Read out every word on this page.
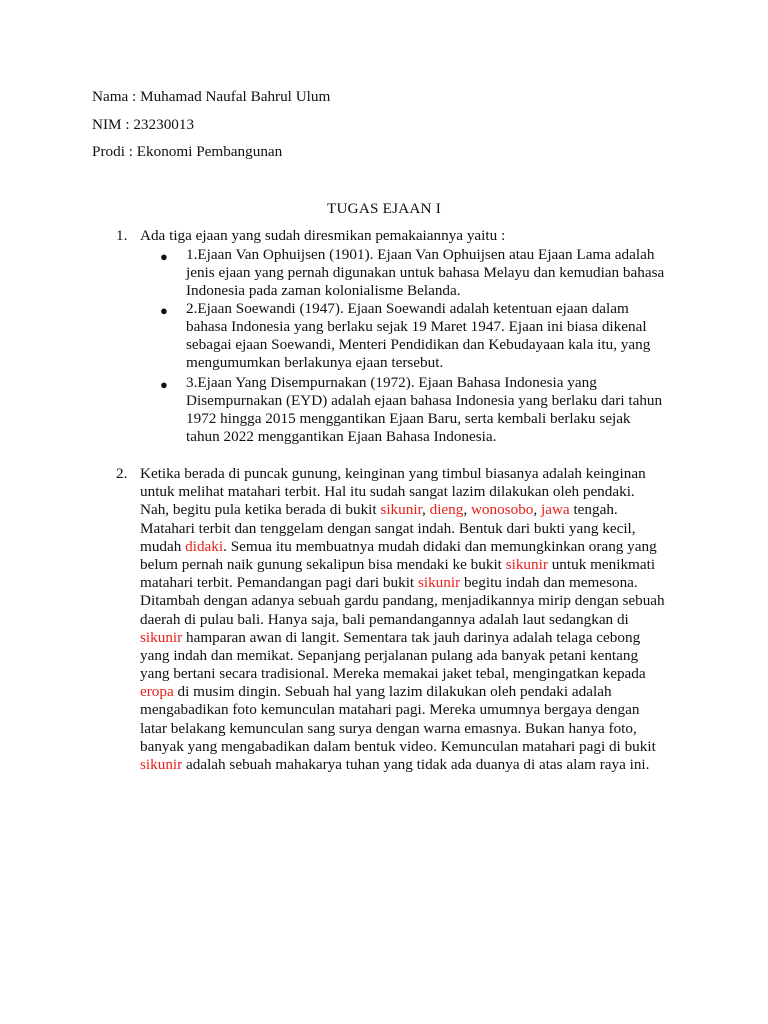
Nama : Muhamad Naufal Bahrul Ulum
NIM : 23230013
Prodi : Ekonomi Pembangunan
TUGAS EJAAN I
1. Ada tiga ejaan yang sudah diresmikan pemakaiannya yaitu :
● 1.Ejaan Van Ophuijsen (1901). Ejaan Van Ophuijsen atau Ejaan Lama adalah
jenis ejaan yang pernah digunakan untuk bahasa Melayu dan kemudian bahasa
Indonesia pada zaman kolonialisme Belanda.
● 2.Ejaan Soewandi (1947). Ejaan Soewandi adalah ketentuan ejaan dalam
bahasa Indonesia yang berlaku sejak 19 Maret 1947. Ejaan ini biasa dikenal
sebagai ejaan Soewandi, Menteri Pendidikan dan Kebudayaan kala itu, yang
mengumumkan berlakunya ejaan tersebut.
● 3.Ejaan Yang Disempurnakan (1972). Ejaan Bahasa Indonesia yang
Disempurnakan (EYD) adalah ejaan bahasa Indonesia yang berlaku dari tahun
1972 hingga 2015 menggantikan Ejaan Baru, serta kembali berlaku sejak
tahun 2022 menggantikan Ejaan Bahasa Indonesia.
2. Ketika berada di puncak gunung, keinginan yang timbul biasanya adalah keinginan
untuk melihat matahari terbit. Hal itu sudah sangat lazim dilakukan oleh pendaki.
Nah, begitu pula ketika berada di bukit sikunir, dieng, wonosobo, jawa tengah.
Matahari terbit dan tenggelam dengan sangat indah. Bentuk dari bukti yang kecil,
mudah didaki. Semua itu membuatnya mudah didaki dan memungkinkan orang yang
belum pernah naik gunung sekalipun bisa mendaki ke bukit sikunir untuk menikmati
matahari terbit. Pemandangan pagi dari bukit sikunir begitu indah dan memesona.
Ditambah dengan adanya sebuah gardu pandang, menjadikannya mirip dengan sebuah
daerah di pulau bali. Hanya saja, bali pemandangannya adalah laut sedangkan di
sikunir hamparan awan di langit. Sementara tak jauh darinya adalah telaga cebong
yang indah dan memikat. Sepanjang perjalanan pulang ada banyak petani kentang
yang bertani secara tradisional. Mereka memakai jaket tebal, mengingatkan kepada
eropa di musim dingin. Sebuah hal yang lazim dilakukan oleh pendaki adalah
mengabadikan foto kemunculan matahari pagi. Mereka umumnya bergaya dengan
latar belakang kemunculan sang surya dengan warna emasnya. Bukan hanya foto,
banyak yang mengabadikan dalam bentuk video. Kemunculan matahari pagi di bukit
sikunir adalah sebuah mahakarya tuhan yang tidak ada duanya di atas alam raya ini.
